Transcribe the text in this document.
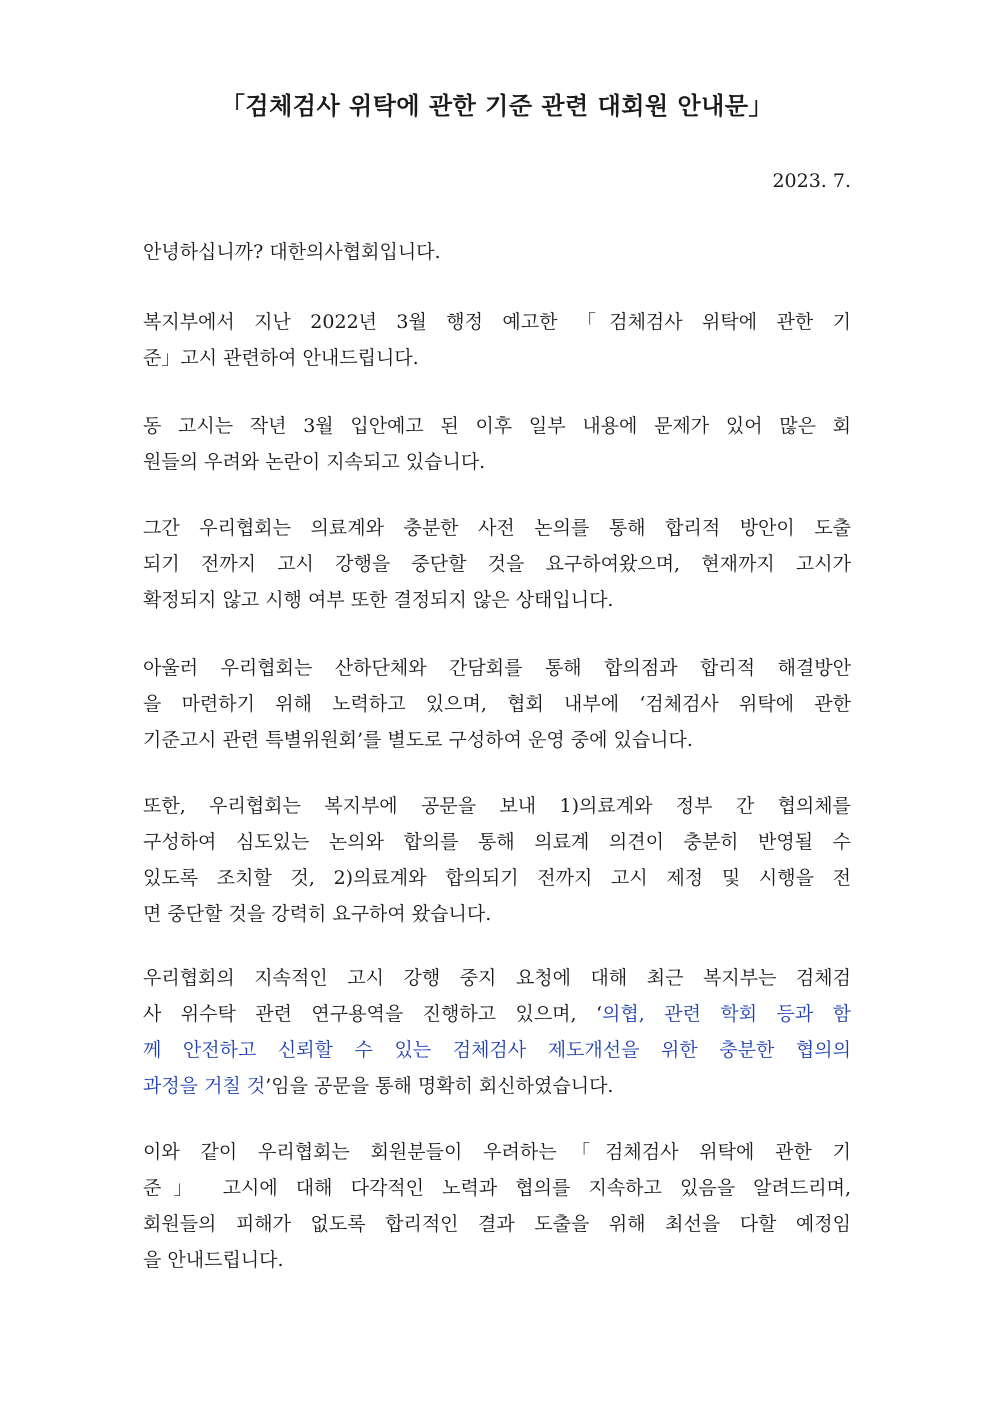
「검체검사 위탁에 관한 기준 관련 대회원 안내문」
2023. 7.
안녕하십니까? 대한의사협회입니다.
복지부에서 지난 2022년 3월 행정 예고한 「검체검사 위탁에 관한 기
준」고시 관련하여 안내드립니다.
동 고시는 작년 3월 입안예고 된 이후 일부 내용에 문제가 있어 많은 회
원들의 우려와 논란이 지속되고 있습니다.
그간 우리협회는 의료계와 충분한 사전 논의를 통해 합리적 방안이 도출
되기 전까지 고시 강행을 중단할 것을 요구하여왔으며, 현재까지 고시가
확정되지 않고 시행 여부 또한 결정되지 않은 상태입니다.
아울러 우리협회는 산하단체와 간담회를 통해 합의점과 합리적 해결방안
을 마련하기 위해 노력하고 있으며, 협회 내부에 ‘검체검사 위탁에 관한
기준고시 관련 특별위원회’를 별도로 구성하여 운영 중에 있습니다.
또한, 우리협회는 복지부에 공문을 보내 1)의료계와 정부 간 협의체를
구성하여 심도있는 논의와 합의를 통해 의료계 의견이 충분히 반영될 수
있도록 조치할 것, 2)의료계와 합의되기 전까지 고시 제정 및 시행을 전
면 중단할 것을 강력히 요구하여 왔습니다.
우리협회의 지속적인 고시 강행 중지 요청에 대해 최근 복지부는 검체검
사 위수탁 관련 연구용역을 진행하고 있으며, ‘의협, 관련 학회 등과 함
께 안전하고 신뢰할 수 있는 검체검사 제도개선을 위한 충분한 협의의
과정을 거칠 것’임을 공문을 통해 명확히 회신하였습니다.
이와 같이 우리협회는 회원분들이 우려하는「검체검사 위탁에 관한 기
준」 고시에 대해 다각적인 노력과 협의를 지속하고 있음을 알려드리며,
회원들의 피해가 없도록 합리적인 결과 도출을 위해 최선을 다할 예정임
을 안내드립니다.
